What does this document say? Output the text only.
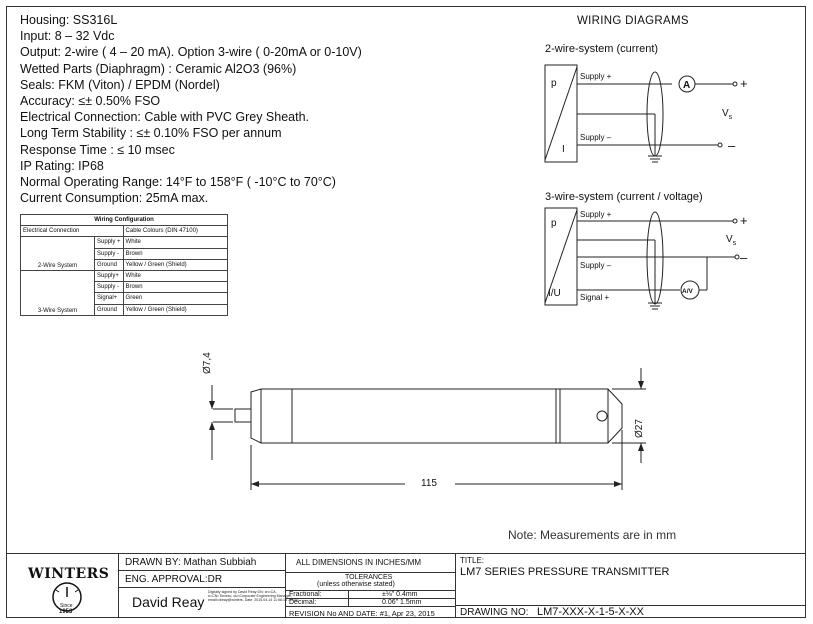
Housing: SS316L
Input: 8 – 32 Vdc
Output: 2-wire ( 4 – 20 mA). Option 3-wire ( 0-20mA or 0-10V)
Wetted Parts (Diaphragm) : Ceramic Al2O3 (96%)
Seals: FKM (Viton) / EPDM (Nordel)
Accuracy: ≤± 0.50% FSO
Electrical Connection: Cable with PVC Grey Sheath.
Long Term Stability : ≤± 0.10% FSO per annum
Response Time : ≤ 10 msec
IP Rating: IP68
Normal Operating Range: 14°F to 158°F ( -10°C to 70°C)
Current Consumption: 25mA max.
Wiring Configuration		
Electrical Connection		Cable Colours (DIN 47100)
2-Wire System	Supply +	White
	Supply -	Brown
	Ground	Yellow / Green (Shield)
3-Wire System	Supply+	White
	Supply -	Brown
	Signal+	Green
	Ground	Yellow / Green (Shield)
A
A/V
WIRING DIAGRAMS
2-wire-system (current)
p
I
Supply +
Supply –
+
–
$V_s$
3-wire-system (current / voltage)
p
I/U
Supply +
Supply –
Signal +
+
–
$V_s$
Ø7,4
Ø27
115
Note: Measurements are in mm
WINTERS
Since
1953
DRAWN BY: Mathan Subbiah
ENG. APPROVAL:DR
David Reay
Digitally signed by David Reay DN: cn=CA, o=CN=Toronto, ou=Corporate Engineering Manager, email=dreay@winters. Date: 2015.04.14 11:58:16 -04'00'
ALL DIMENSIONS IN INCHES/MM
TOLERANCES
(unless otherwise stated)
Fractional:	±⅛" 0.4mm
Decimal:	0.06" 1.5mm
REVISION No AND DATE: #1, Apr 23, 2015
TITLE:
LM7 SERIES PRESSURE TRANSMITTER
DRAWING NO: LM7-XXX-X-1-5-X-XX
